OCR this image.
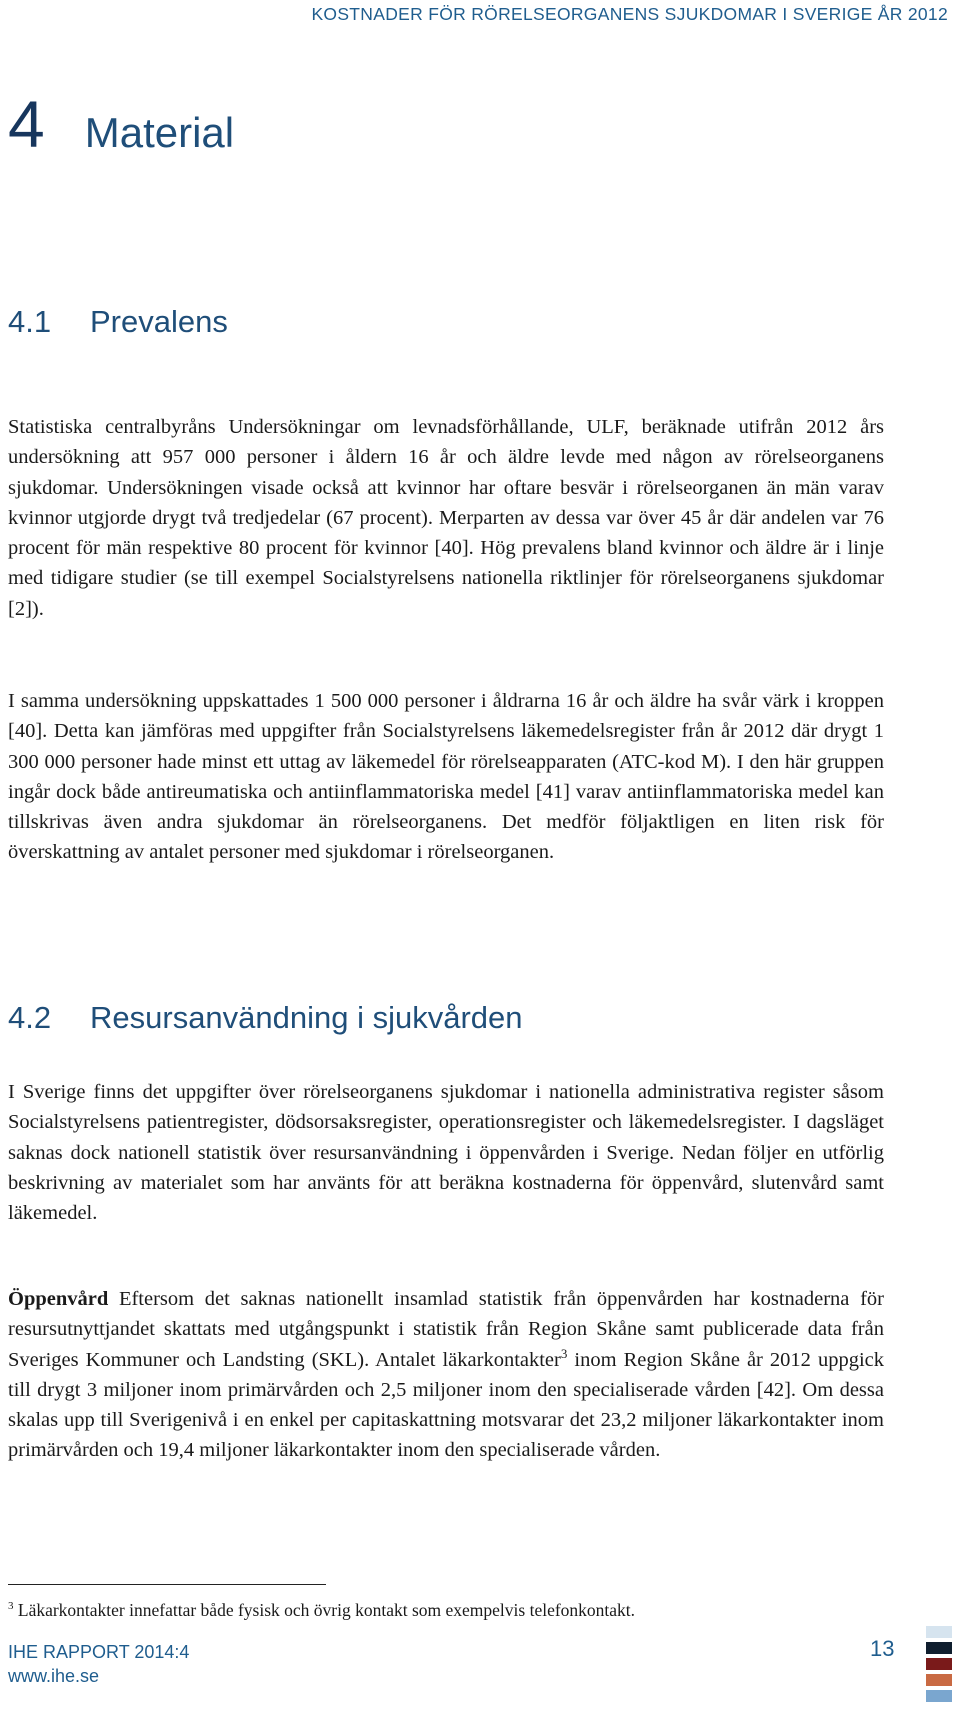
KOSTNADER FÖR RÖRELSEORGANENS SJUKDOMAR I SVERIGE ÅR 2012
4 Material
4.1 Prevalens

Statistiska centralbyråns Undersökningar om levnadsförhållande, ULF, beräknade utifrån 2012 års undersökning att 957 000 personer i åldern 16 år och äldre levde med någon av rörelseorganens sjukdomar. Undersökningen visade också att kvinnor har oftare besvär i rörelseorganen än män varav kvinnor utgjorde drygt två tredjedelar (67 procent). Merparten av dessa var över 45 år där andelen var 76 procent för män respektive 80 procent för kvinnor [40]. Hög prevalens bland kvinnor och äldre är i linje med tidigare studier (se till exempel Socialstyrelsens nationella riktlinjer för rörelseorganens sjukdomar [2]).

I samma undersökning uppskattades 1 500 000 personer i åldrarna 16 år och äldre ha svår värk i kroppen [40]. Detta kan jämföras med uppgifter från Socialstyrelsens läkemedelsregister från år 2012 där drygt 1 300 000 personer hade minst ett uttag av läkemedel för rörelseapparaten (ATC-kod M). I den här gruppen ingår dock både antireumatiska och antiinflammatoriska medel [41] varav antiinflammatoriska medel kan tillskrivas även andra sjukdomar än rörelseorganens. Det medför följaktligen en liten risk för överskattning av antalet personer med sjukdomar i rörelseorganen.

4.2 Resursanvändning i sjukvården

I Sverige finns det uppgifter över rörelseorganens sjukdomar i nationella administrativa register såsom Socialstyrelsens patientregister, dödsorsaksregister, operationsregister och läkemedelsregister. I dagsläget saknas dock nationell statistik över resursanvändning i öppenvården i Sverige. Nedan följer en utförlig beskrivning av materialet som har använts för att beräkna kostnaderna för öppenvård, slutenvård samt läkemedel.

Öppenvård Eftersom det saknas nationellt insamlad statistik från öppenvården har kostnaderna för resursutnyttjandet skattats med utgångspunkt i statistik från Region Skåne samt publicerade data från Sveriges Kommuner och Landsting (SKL). Antalet läkarkontakter$^3$ inom Region Skåne år 2012 uppgick till drygt 3 miljoner inom primärvården och 2,5 miljoner inom den specialiserade vården [42]. Om dessa skalas upp till Sverigenivå i en enkel per capitaskattning motsvarar det 23,2 miljoner läkarkontakter inom primärvården och 19,4 miljoner läkarkontakter inom den specialiserade vården.

$^3$ Läkarkontakter innefattar både fysisk och övrig kontakt som exempelvis telefonkontakt.
IHE RAPPORT 2014:4
www.ihe.se
13
